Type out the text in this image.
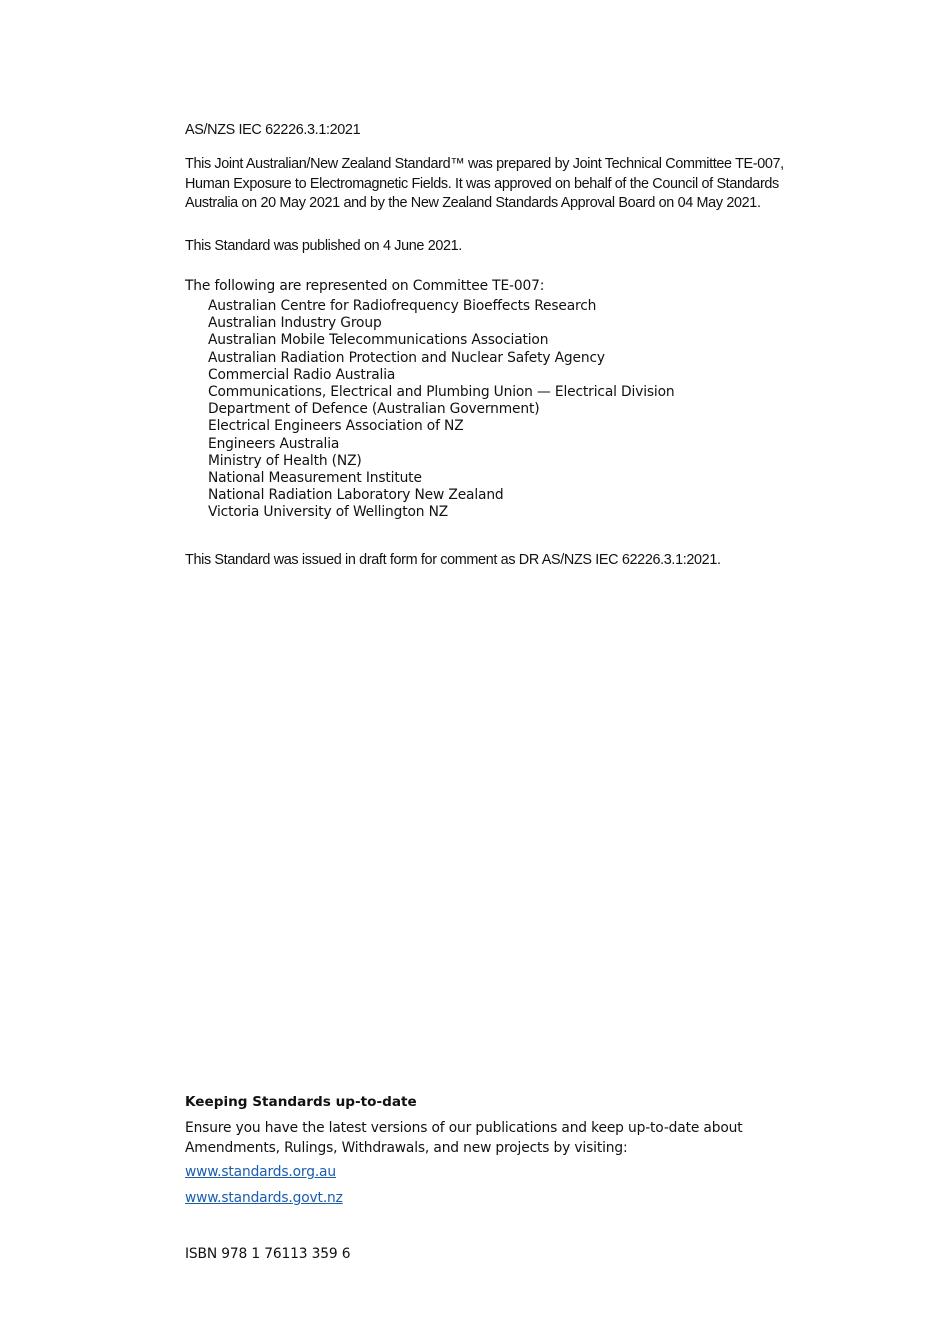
AS/NZS IEC 62226.3.1:2021
This Joint Australian/New Zealand Standard™ was prepared by Joint Technical Committee TE-007, Human Exposure to Electromagnetic Fields. It was approved on behalf of the Council of Standards Australia on 20 May 2021 and by the New Zealand Standards Approval Board on 04 May 2021.
This Standard was published on 4 June 2021.
The following are represented on Committee TE-007:
Australian Centre for Radiofrequency Bioeffects Research
Australian Industry Group
Australian Mobile Telecommunications Association
Australian Radiation Protection and Nuclear Safety Agency
Commercial Radio Australia
Communications, Electrical and Plumbing Union — Electrical Division
Department of Defence (Australian Government)
Electrical Engineers Association of NZ
Engineers Australia
Ministry of Health (NZ)
National Measurement Institute
National Radiation Laboratory New Zealand
Victoria University of Wellington NZ
This Standard was issued in draft form for comment as DR AS/NZS IEC 62226.3.1:2021.
Keeping Standards up-to-date
Ensure you have the latest versions of our publications and keep up-to-date about Amendments, Rulings, Withdrawals, and new projects by visiting:
www.standards.org.au
www.standards.govt.nz
ISBN 978 1 76113 359 6
